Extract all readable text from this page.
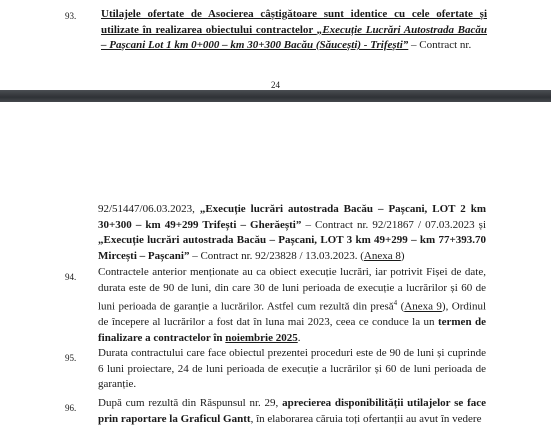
93. Utilajele ofertate de Asocierea câștigătoare sunt identice cu cele ofertate și utilizate în realizarea obiectului contractelor „Execuție Lucrări Autostrada Bacău – Pașcani Lot 1 km 0+000 – km 30+300 Bacău (Săucești) - Trifești” – Contract nr.
24
92/51447/06.03.2023, „Execuție lucrări autostrada Bacău – Pașcani, LOT 2 km 30+300 – km 49+299 Trifești – Gherăești” – Contract nr. 92/21867 / 07.03.2023 și „Execuție lucrări autostrada Bacău – Pașcani, LOT 3 km 49+299 – km 77+393.70 Mircești – Pașcani” – Contract nr. 92/23828 / 13.03.2023. (Anexa 8)
94. Contractele anterior menționate au ca obiect execuție lucrări, iar potrivit Fișei de date, durata este de 90 de luni, din care 30 de luni perioada de execuție a lucrărilor și 60 de luni perioada de garanție a lucrărilor. Astfel cum rezultă din presă$^4$ (Anexa 9), Ordinul de începere al lucrărilor a fost dat în luna mai 2023, ceea ce conduce la un termen de finalizare a contractelor în noiembrie 2025.
95. Durata contractului care face obiectul prezentei proceduri este de 90 de luni și cuprinde 6 luni proiectare, 24 de luni perioada de execuție a lucrărilor și 60 de luni perioada de garanție.
96. După cum rezultă din Răspunsul nr. 29, aprecierea disponibilității utilajelor se face prin raportare la Graficul Gantt, în elaborarea căruia toți ofertanții au avut în vedere
